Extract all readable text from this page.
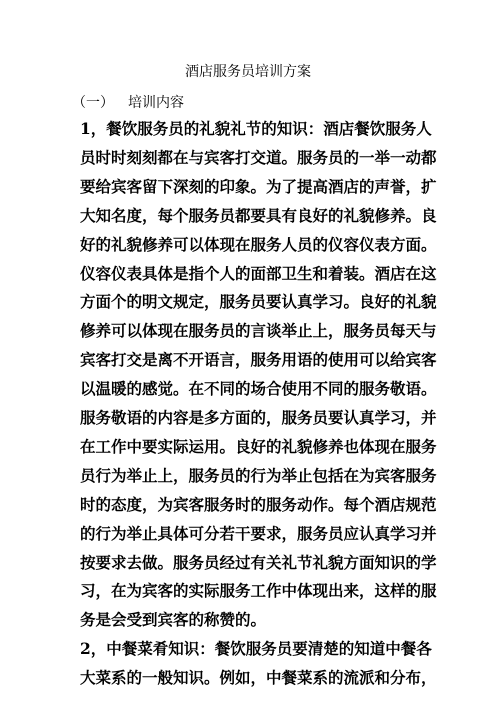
酒店服务员培训方案
（一） 培训内容
1，餐饮服务员的礼貌礼节的知识：酒店餐饮服务人
员时时刻刻都在与宾客打交道。服务员的一举一动都
要给宾客留下深刻的印象。为了提高酒店的声誉，扩
大知名度，每个服务员都要具有良好的礼貌修养。良
好的礼貌修养可以体现在服务人员的仪容仪表方面。
仪容仪表具体是指个人的面部卫生和着装。酒店在这
方面个的明文规定，服务员要认真学习。良好的礼貌
修养可以体现在服务员的言谈举止上，服务员每天与
宾客打交是离不开语言，服务用语的使用可以给宾客
以温暖的感觉。在不同的场合使用不同的服务敬语。
服务敬语的内容是多方面的，服务员要认真学习，并
在工作中要实际运用。良好的礼貌修养也体现在服务
员行为举止上，服务员的行为举止包括在为宾客服务
时的态度，为宾客服务时的服务动作。每个酒店规范
的行为举止具体可分若干要求，服务员应认真学习并
按要求去做。服务员经过有关礼节礼貌方面知识的学
习，在为宾客的实际服务工作中体现出来，这样的服
务是会受到宾客的称赞的。
2，中餐菜肴知识：餐饮服务员要清楚的知道中餐各
大菜系的一般知识。例如，中餐菜系的流派和分布，
